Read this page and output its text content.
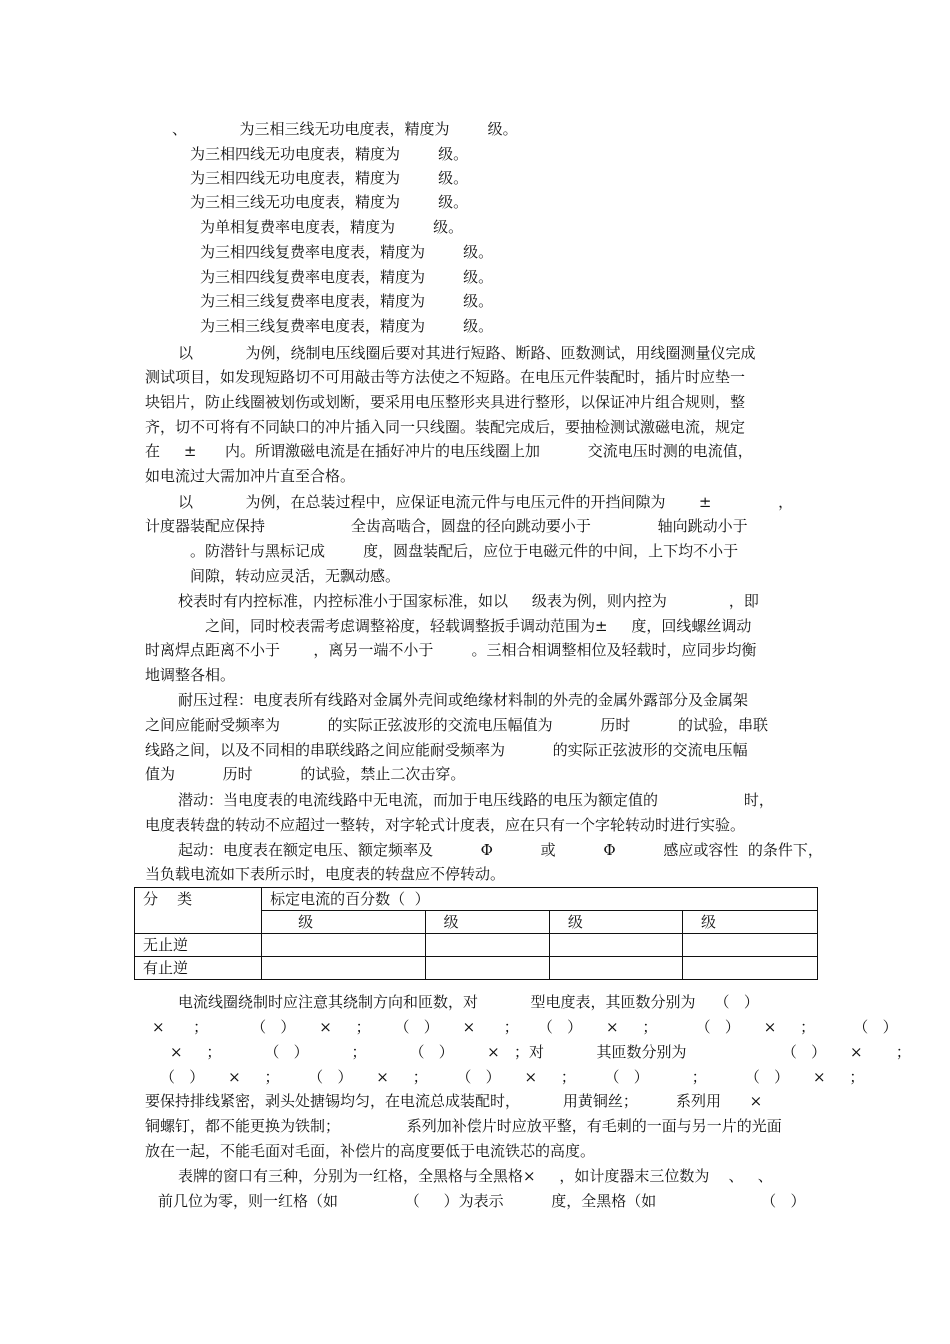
、           为三相三线无功电度表，精度为        级。
为三相四线无功电度表，精度为        级。
为三相四线无功电度表，精度为        级。
为三相三线无功电度表，精度为        级。
为单相复费率电度表，精度为        级。
为三相四线复费率电度表，精度为        级。
为三相四线复费率电度表，精度为        级。
为三相三线复费率电度表，精度为        级。
为三相三线复费率电度表，精度为        级。
以           为例，绕制电压线圈后要对其进行短路、断路、匝数测试，用线圈测量仪完成
测试项目，如发现短路切不可用敲击等方法使之不短路。在电压元件装配时，插片时应垫一
块铝片，防止线圈被划伤或划断，要采用电压整形夹具进行整形，以保证冲片组合规则，整
齐，切不可将有不同缺口的冲片插入同一只线圈。装配完成后，要抽检测试激磁电流，规定
在     ±      内。所谓激磁电流是在插好冲片的电压线圈上加          交流电压时测的电流值，
如电流过大需加冲片直至合格。
以           为例，在总装过程中，应保证电流元件与电压元件的开挡间隙为       ±              ，
计度器装配应保持                  全齿高啮合，圆盘的径向跳动要小于              轴向跳动小于
。防潜针与黑标记成        度，圆盘装配后，应位于电磁元件的中间，上下均不小于
间隙，转动应灵活，无飘动感。
校表时有内控标准，内控标准小于国家标准，如以     级表为例，则内控为             ，即
之间，同时校表需考虑调整裕度，轻载调整扳手调动范围为±     度，回线螺丝调动
时离焊点距离不小于       ，离另一端不小于        。三相合相调整相位及轻载时，应同步均衡
地调整各相。
耐压过程：电度表所有线路对金属外壳间或绝缘材料制的外壳的金属外露部分及金属架
之间应能耐受频率为          的实际正弦波形的交流电压幅值为          历时          的试验，串联
线路之间，以及不同相的串联线路之间应能耐受频率为          的实际正弦波形的交流电压幅
值为          历时          的试验，禁止二次击穿。
潜动：当电度表的电流线路中无电流，而加于电压线路的电压为额定值的                  时，
电度表转盘的转动不应超过一整转，对字轮式计度表，应在只有一个字轮转动时进行实验。
起动：电度表在额定电压、额定频率及          Φ          或          Φ          感应或容性  的条件下，
当负载电流如下表所示时，电度表的转盘应不停转动。
分    类	标定电流的百分数（  ）			
	级	级	级	级
无止逆				
有止逆				
电流线圈绕制时应注意其绕制方向和匝数，对           型电度表，其匝数分别为    （   ）
×      ；         （   ）     ×     ；     （   ）     ×      ；    （   ）     ×     ；        （   ）     ×     ；        （   ）
×     ；         （   ）         ；         （   ）       ×   ；对           其匝数分别为                    （   ）     ×       ；
（   ）     ×     ；      （   ）     ×     ；      （   ）     ×     ；      （   ）         ；        （   ）     ×     ；
要保持排线紧密，剥头处搪锡均匀，在电流总成装配时，         用黄铜丝；        系列用      ×
铜螺钉，都不能更换为铁制；              系列加补偿片时应放平整，有毛刺的一面与另一片的光面
放在一起，不能毛面对毛面，补偿片的高度要低于电流铁芯的高度。
表牌的窗口有三种，分别为一红格，全黑格与全黑格×     ，如计度器末三位数为    、   、
前几位为零，则一红格（如              （     ）为表示          度，全黑格（如                      （   ）
